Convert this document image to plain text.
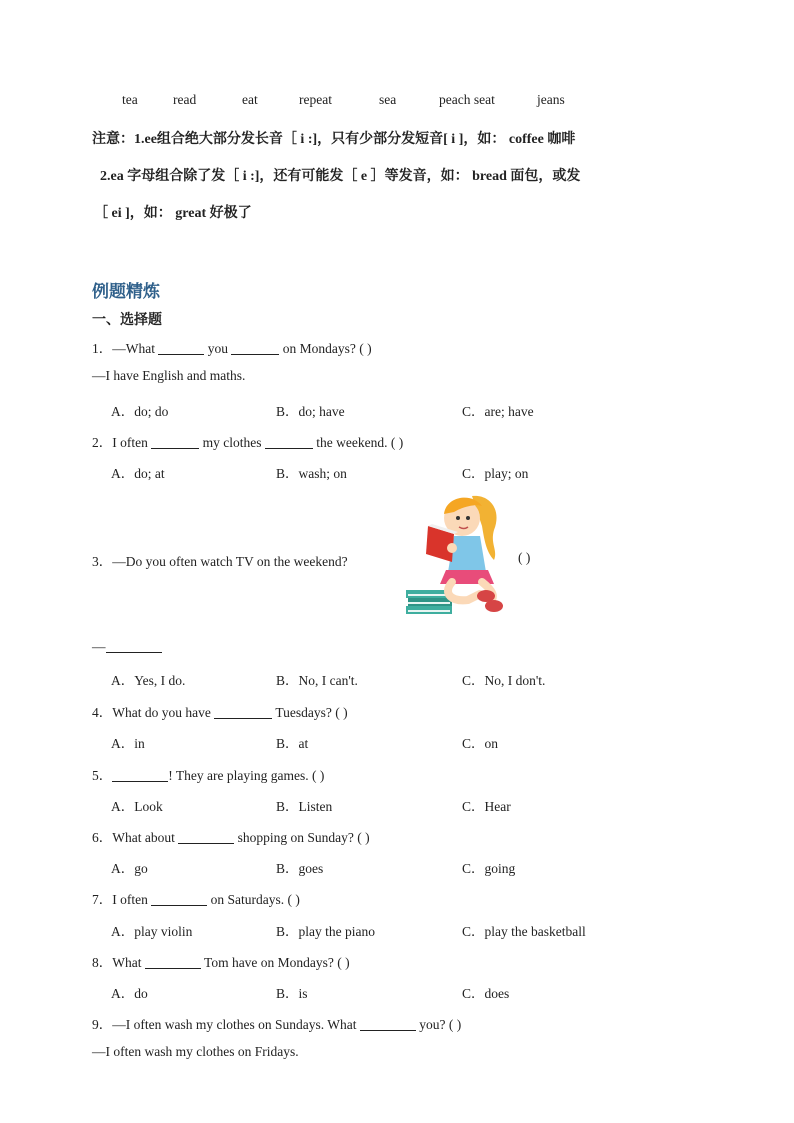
tea	read	eat	repeat	sea	peach seat	jeans
注意：1.ee组合绝大部分发长音［ i :]，只有少部分发短音[ i ]，如： coffee 咖啡
2.ea 字母组合除了发［ i :]，还有可能发［ e ］等发音，如： bread 面包，或发
［ ei ]，如： great 好极了
例题精炼
一、选择题
1．—What	you	on Mondays? ( )
—I have English and maths.
A．do; do	B．do; have	C．are; have
2．I often	my clothes	the weekend. ( )
A．do; at	B．wash; on	C．play; on
3．—Do you often watch TV on the weekend?	( )
—
A．Yes, I do.	B．No, I can't.	C．No, I don't.
4．What do you have	Tuesdays? ( )
A．in	B．at	C．on
5．	! They are playing games. ( )
A．Look	B．Listen	C．Hear
6．What about	shopping on Sunday? ( )
A．go	B．goes	C．going
7．I often	on Saturdays. ( )
A．play violin	B．play the piano	C．play the basketball
8．What	Tom have on Mondays? ( )
A．do	B．is	C．does
9．—I often wash my clothes on Sundays. What	you? ( )
—I often wash my clothes on Fridays.
